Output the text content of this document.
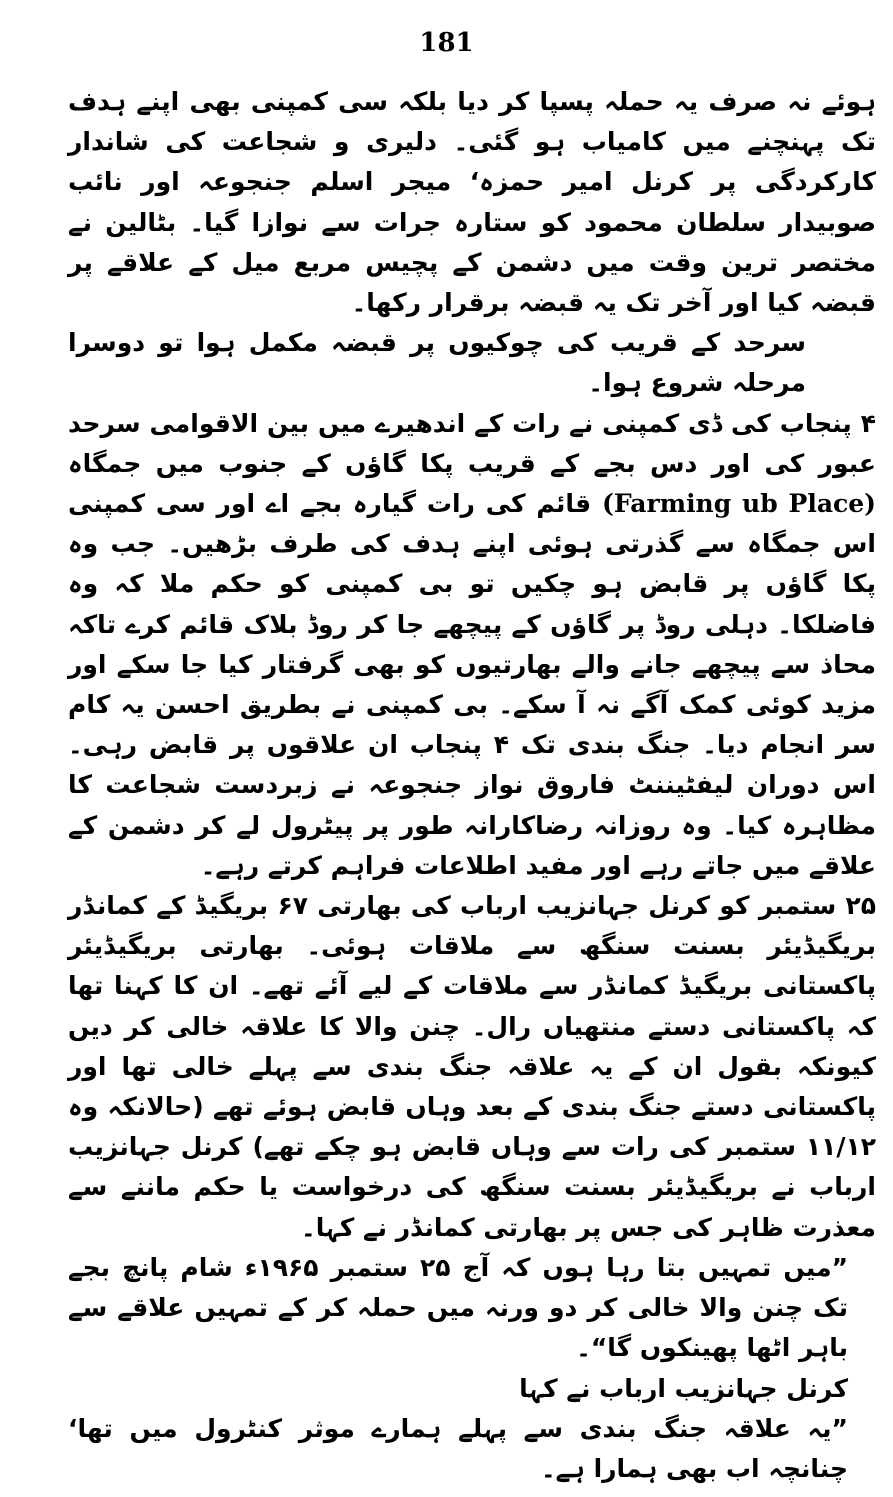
181

ہوئے نہ صرف یہ حملہ پسپا کر دیا بلکہ سی کمپنی بھی اپنے ہدف تک پہنچنے میں کامیاب ہو گئی۔ دلیری و شجاعت کی شاندار کارکردگی پر کرنل امیر حمزہ‘ میجر اسلم جنجوعہ اور نائب صوبیدار سلطان محمود کو ستارہ جرات سے نوازا گیا۔ بٹالین نے مختصر ترین وقت میں دشمن کے پچیس مربع میل کے علاقے پر قبضہ کیا اور آخر تک یہ قبضہ برقرار رکھا۔

سرحد کے قریب کی چوکیوں پر قبضہ مکمل ہوا تو دوسرا مرحلہ شروع ہوا۔

۴ پنجاب کی ڈی کمپنی نے رات کے اندھیرے میں بین الاقوامی سرحد عبور کی اور دس بجے کے قریب پکا گاؤں کے جنوب میں جمگاہ (Farming ub Place) قائم کی رات گیارہ بجے اے اور سی کمپنی اس جمگاہ سے گذرتی ہوئی اپنے ہدف کی طرف بڑھیں۔ جب وہ پکا گاؤں پر قابض ہو چکیں تو بی کمپنی کو حکم ملا کہ وہ فاضلکا۔ دہلی روڈ پر گاؤں کے پیچھے جا کر روڈ بلاک قائم کرے تاکہ محاذ سے پیچھے جانے والے بھارتیوں کو بھی گرفتار کیا جا سکے اور مزید کوئی کمک آگے نہ آ سکے۔ بی کمپنی نے بطریق احسن یہ کام سر انجام دیا۔ جنگ بندی تک ۴ پنجاب ان علاقوں پر قابض رہی۔ اس دوران لیفٹیننٹ فاروق نواز جنجوعہ نے زبردست شجاعت کا مظاہرہ کیا۔ وہ روزانہ رضاکارانہ طور پر پیٹرول لے کر دشمن کے علاقے میں جاتے رہے اور مفید اطلاعات فراہم کرتے رہے۔

۲۵ ستمبر کو کرنل جہانزیب ارباب کی بھارتی ۶۷ بریگیڈ کے کمانڈر بریگیڈیئر بسنت سنگھ سے ملاقات ہوئی۔ بھارتی بریگیڈیئر پاکستانی بریگیڈ کمانڈر سے ملاقات کے لیے آئے تھے۔ ان کا کہنا تھا کہ پاکستانی دستے منتھیاں رال۔ چنن والا کا علاقہ خالی کر دیں کیونکہ بقول ان کے یہ علاقہ جنگ بندی سے پہلے خالی تھا اور پاکستانی دستے جنگ بندی کے بعد وہاں قابض ہوئے تھے (حالانکہ وہ ۱۱/۱۲ ستمبر کی رات سے وہاں قابض ہو چکے تھے) کرنل جہانزیب ارباب نے بریگیڈیئر بسنت سنگھ کی درخواست یا حکم ماننے سے معذرت ظاہر کی جس پر بھارتی کمانڈر نے کہا۔

”میں تمہیں بتا رہا ہوں کہ آج ۲۵ ستمبر ۱۹۶۵ء شام پانچ بجے تک چنن والا خالی کر دو ورنہ میں حملہ کر کے تمہیں علاقے سے باہر اٹھا پھینکوں گا“۔

کرنل جہانزیب ارباب نے کہا

”یہ علاقہ جنگ بندی سے پہلے ہمارے موثر کنٹرول میں تھا‘ چنانچہ اب بھی ہمارا ہے۔
